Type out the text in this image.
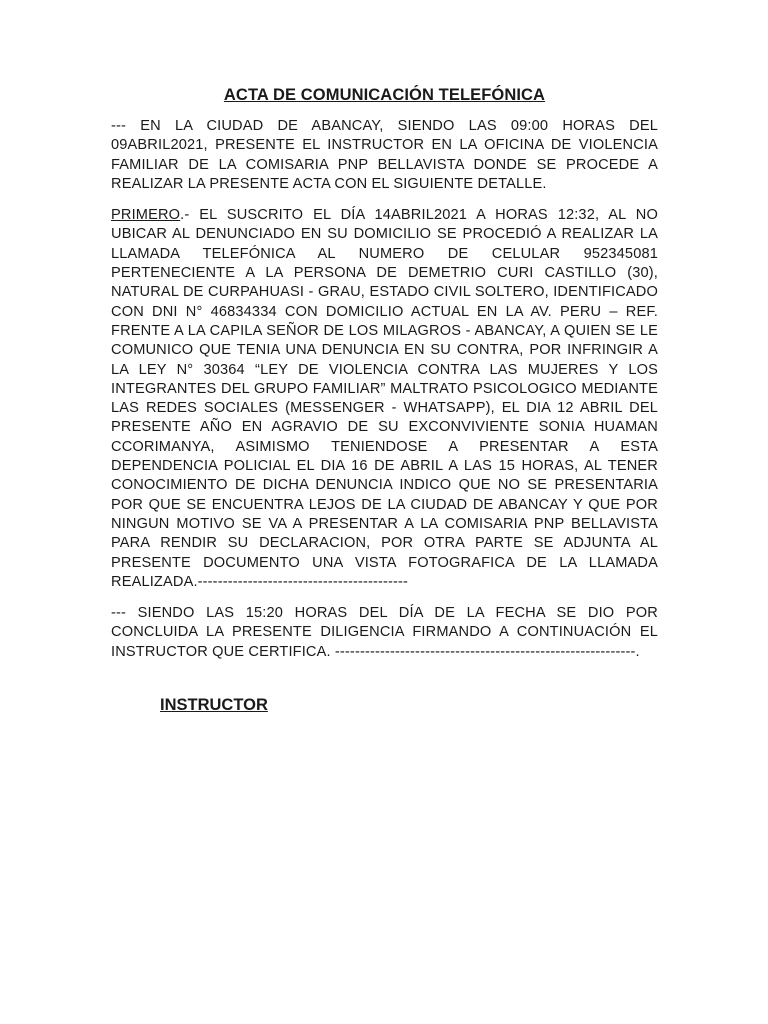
ACTA DE COMUNICACIÓN TELEFÓNICA

--- EN LA CIUDAD DE ABANCAY, SIENDO LAS 09:00 HORAS DEL 09ABRIL2021, PRESENTE EL INSTRUCTOR EN LA OFICINA DE VIOLENCIA FAMILIAR DE LA COMISARIA PNP BELLAVISTA DONDE SE PROCEDE A REALIZAR LA PRESENTE ACTA CON EL SIGUIENTE DETALLE.

PRIMERO.- EL SUSCRITO EL DÍA 14ABRIL2021 A HORAS 12:32, AL NO UBICAR AL DENUNCIADO EN SU DOMICILIO SE PROCEDIÓ A REALIZAR LA LLAMADA TELEFÓNICA AL NUMERO DE CELULAR 952345081 PERTENECIENTE A LA PERSONA DE DEMETRIO CURI CASTILLO (30), NATURAL DE CURPAHUASI - GRAU, ESTADO CIVIL SOLTERO, IDENTIFICADO CON DNI N° 46834334 CON DOMICILIO ACTUAL EN LA AV. PERU – REF. FRENTE A LA CAPILA SEÑOR DE LOS MILAGROS - ABANCAY, A QUIEN SE LE COMUNICO QUE TENIA UNA DENUNCIA EN SU CONTRA, POR INFRINGIR A LA LEY N° 30364 “LEY DE VIOLENCIA CONTRA LAS MUJERES Y LOS INTEGRANTES DEL GRUPO FAMILIAR” MALTRATO PSICOLOGICO MEDIANTE LAS REDES SOCIALES (MESSENGER - WHATSAPP), EL DIA 12 ABRIL DEL PRESENTE AÑO EN AGRAVIO DE SU EXCONVIVIENTE SONIA HUAMAN CCORIMANYA, ASIMISMO TENIENDOSE A PRESENTAR A ESTA DEPENDENCIA POLICIAL EL DIA 16 DE ABRIL A LAS 15 HORAS, AL TENER CONOCIMIENTO DE DICHA DENUNCIA INDICO QUE NO SE PRESENTARIA POR QUE SE ENCUENTRA LEJOS DE LA CIUDAD DE ABANCAY Y QUE POR NINGUN MOTIVO SE VA A PRESENTAR A LA COMISARIA PNP BELLAVISTA PARA RENDIR SU DECLARACION, POR OTRA PARTE SE ADJUNTA AL PRESENTE DOCUMENTO UNA VISTA FOTOGRAFICA DE LA LLAMADA REALIZADA.------------------------------------------

--- SIENDO LAS 15:20 HORAS DEL DÍA DE LA FECHA SE DIO POR CONCLUIDA LA PRESENTE DILIGENCIA FIRMANDO A CONTINUACIÓN EL INSTRUCTOR QUE CERTIFICA. ------------------------------------------------------------.

INSTRUCTOR
